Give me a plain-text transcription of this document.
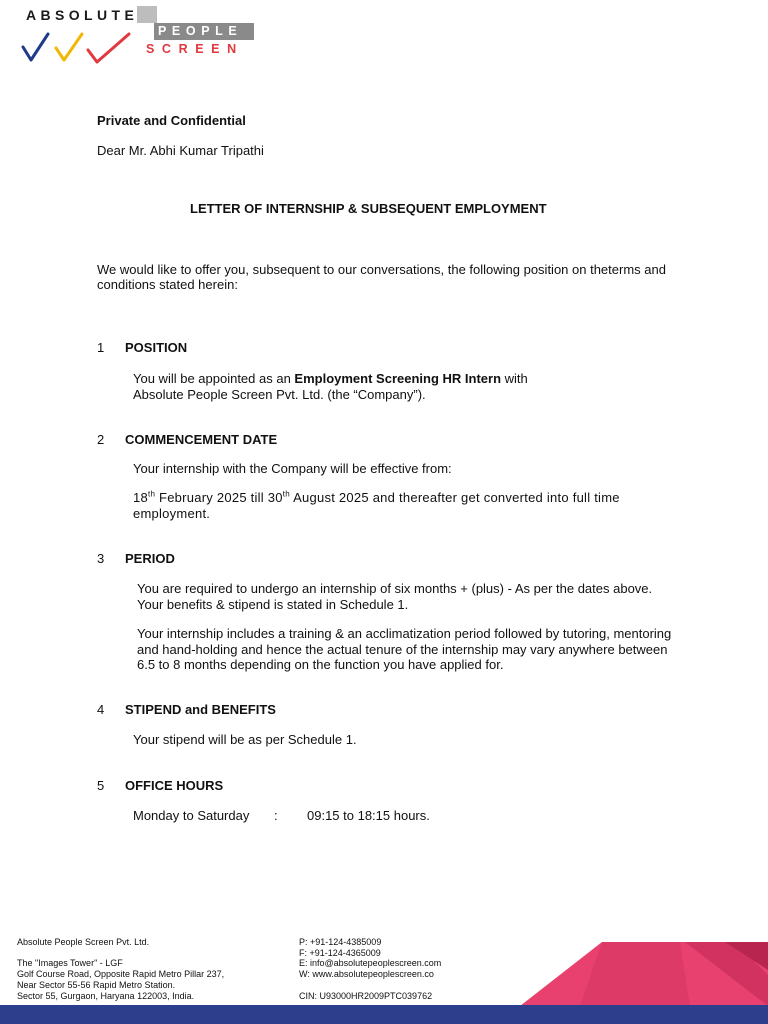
ABSOLUTE
PEOPLE
SCREEN
Private and Confidential
Dear Mr. Abhi Kumar Tripathi
LETTER OF INTERNSHIP & SUBSEQUENT EMPLOYMENT
We would like to offer you, subsequent to our conversations, the following position on theterms and
conditions stated herein:
1 POSITION
You will be appointed as an Employment Screening HR Intern with
Absolute People Screen Pvt. Ltd. (the “Company”).
2 COMMENCEMENT DATE
Your internship with the Company will be effective from:
18th February 2025 till 30th August 2025 and thereafter get converted into full time
employment.
3 PERIOD
You are required to undergo an internship of six months + (plus) - As per the dates above.
Your benefits & stipend is stated in Schedule 1.
Your internship includes a training & an acclimatization period followed by tutoring, mentoring
and hand-holding and hence the actual tenure of the internship may vary anywhere between
6.5 to 8 months depending on the function you have applied for.
4 STIPEND and BENEFITS
Your stipend will be as per Schedule 1.
5 OFFICE HOURS
Monday to Saturday : 09:15 to 18:15 hours.
Absolute People Screen Pvt. Ltd.
The "Images Tower" - LGF
Golf Course Road, Opposite Rapid Metro Pillar 237,
Near Sector 55-56 Rapid Metro Station.
Sector 55, Gurgaon, Haryana 122003, India.
P: +91-124-4385009
F: +91-124-4365009
E: info@absolutepeoplescreen.com
W: www.absolutepeoplescreen.co
CIN: U93000HR2009PTC039762
